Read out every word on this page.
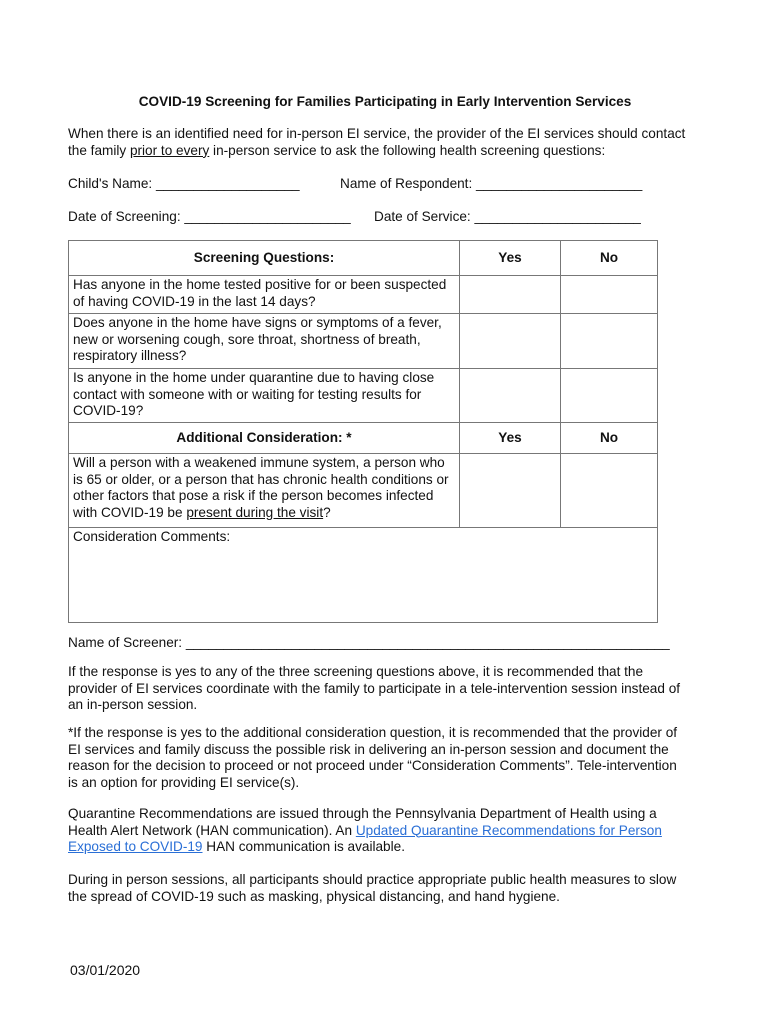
COVID-19 Screening for Families Participating in Early Intervention Services
When there is an identified need for in-person EI service, the provider of the EI services should contact the family prior to every in-person service to ask the following health screening questions:
Child's Name: ___________________	Name of Respondent: ______________________
Date of Screening: ______________________ Date of Service: ______________________
Screening Questions:	Yes	No
Has anyone in the home tested positive for or been suspected of having COVID-19 in the last 14 days?		
Does anyone in the home have signs or symptoms of a fever, new or worsening cough, sore throat, shortness of breath, respiratory illness?		
Is anyone in the home under quarantine due to having close contact with someone with or waiting for testing results for COVID-19?		
Additional Consideration: *	Yes	No
Will a person with a weakened immune system, a person who is 65 or older, or a person that has chronic health conditions or other factors that pose a risk if the person becomes infected with COVID-19 be present during the visit?		
Consideration Comments:		
Name of Screener: ________________________________________________________________
If the response is yes to any of the three screening questions above, it is recommended that the provider of EI services coordinate with the family to participate in a tele-intervention session instead of an in-person session.
*If the response is yes to the additional consideration question, it is recommended that the provider of EI services and family discuss the possible risk in delivering an in-person session and document the reason for the decision to proceed or not proceed under “Consideration Comments”. Tele-intervention is an option for providing EI service(s).
Quarantine Recommendations are issued through the Pennsylvania Department of Health using a Health Alert Network (HAN communication). An Updated Quarantine Recommendations for Person Exposed to COVID-19 HAN communication is available.
During in person sessions, all participants should practice appropriate public health measures to slow the spread of COVID-19 such as masking, physical distancing, and hand hygiene.
03/01/2020
